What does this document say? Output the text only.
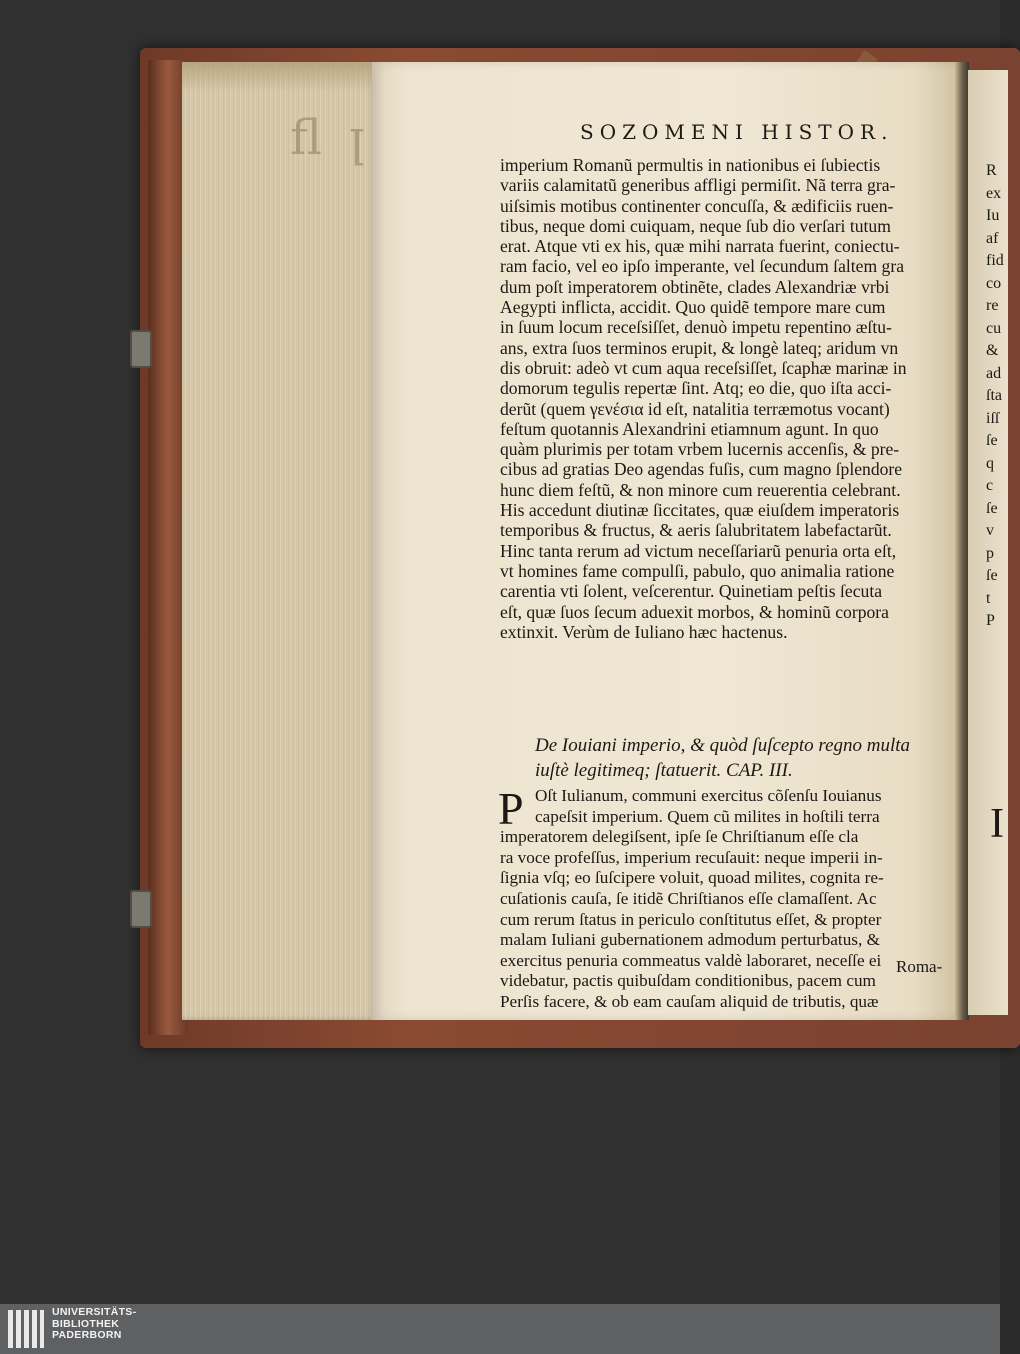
ﬂ ꞁ	SOZOMENI HISTOR.
imperium Romanũ permultis in nationibus ei ſubiectis
variis calamitatũ generibus affligi permiſit. Nã terra gra-
uiſsimis motibus continenter concuſſa, & ædificiis ruen-
tibus, neque domi cuiquam, neque ſub dio verſari tutum
erat. Atque vti ex his, quæ mihi narrata fuerint, coniectu-
ram facio, vel eo ipſo imperante, vel ſecundum ſaltem gra
dum poſt imperatorem obtinẽte, clades Alexandriæ vrbi
Aegypti inflicta, accidit. Quo quidẽ tempore mare cum
in ſuum locum receſsiſſet, denuò impetu repentino æſtu-
ans, extra ſuos terminos erupit, & longè lateq; aridum vn
dis obruit: adeò vt cum aqua receſsiſſet, ſcaphæ marinæ in
domorum tegulis repertæ ſint. Atq; eo die, quo iſta acci-
derũt (quem γενέσια id eſt, natalitia terræmotus vocant)
feſtum quotannis Alexandrini etiamnum agunt. In quo
quàm plurimis per totam vrbem lucernis accenſis, & pre-
cibus ad gratias Deo agendas fuſis, cum magno ſplendore
hunc diem feſtũ, & non minore cum reuerentia celebrant.
His accedunt diutinæ ſiccitates, quæ eiuſdem imperatoris
temporibus & fructus, & aeris ſalubritatem labefactarũt.
Hinc tanta rerum ad victum neceſſariarũ penuria orta eſt,
vt homines fame compulſi, pabulo, quo animalia ratione
carentia vti ſolent, veſcerentur. Quinetiam peſtis ſecuta
eſt, quæ ſuos ſecum aduexit morbos, & hominũ corpora
extinxit. Verùm de Iuliano hæc hactenus.
De Iouiani imperio, & quòd ſuſcepto regno multa
iuſtè legitimeq; ſtatuerit. CAP. III.
P Oſt Iulianum, communi exercitus cõſenſu Iouianus
capeſsit imperium. Quem cũ milites in hoſtili terra
imperatorem delegiſsent, ipſe ſe Chriſtianum eſſe cla
ra voce profeſſus, imperium recuſauit: neque imperii in-
ſignia vſq; eo ſuſcipere voluit, quoad milites, cognita re-
cuſationis cauſa, ſe itidẽ Chriſtianos eſſe clamaſſent. Ac
cum rerum ſtatus in periculo conſtitutus eſſet, & propter
malam Iuliani gubernationem admodum perturbatus, &
exercitus penuria commeatus valdè laboraret, neceſſe ei
videbatur, pactis quibuſdam conditionibus, pacem cum
Perſis facere, & ob eam cauſam aliquid de tributis, quæ
Roma-
R
ex
Iu
af
fid
co
re
cu
&
ad
ſta
iſſ
ſe
q
c
ſe
v
p
ſe
t
P
I
UNIVERSITÄTS-
BIBLIOTHEK
PADERBORN
